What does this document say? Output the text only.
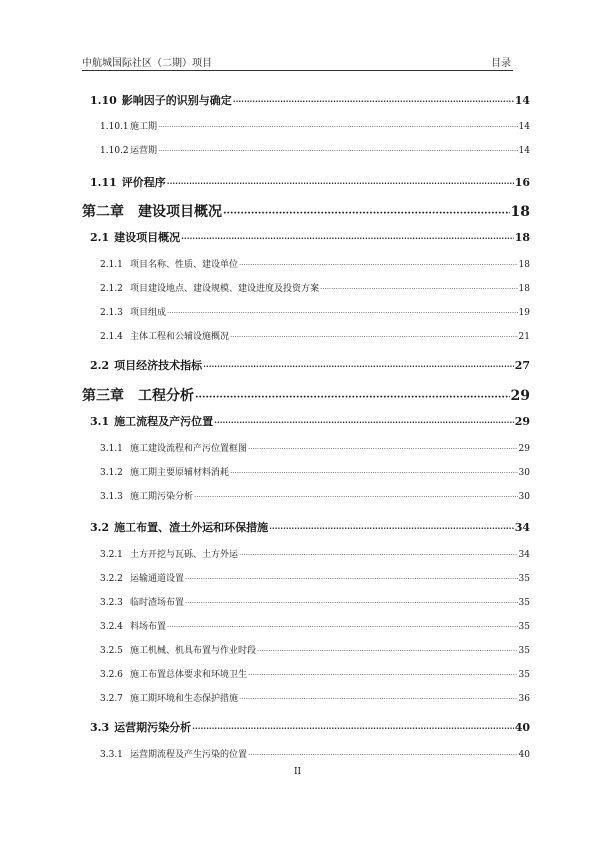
中航城国际社区（二期）项目	目录
1.10 影响因子的识别与确定 ·····	14
1.10.1 施工期 ·····	14
1.10.2 运营期 ·····	14
1.11 评价程序 ·····	16
第二章 建设项目概况 ·····	18
2.1 建设项目概况 ·····	18
2.1.1 项目名称、性质、建设单位 ·····	18
2.1.2 项目建设地点、建设规模、建设进度及投资方案 ·····	18
2.1.3 项目组成 ·····	19
2.1.4 主体工程和公辅设施概况 ·····	21
2.2 项目经济技术指标 ·····	27
第三章 工程分析 ·····	29
3.1 施工流程及产污位置 ·····	29
3.1.1 施工建设流程和产污位置框图 ·····	29
3.1.2 施工期主要原辅材料消耗 ·····	30
3.1.3 施工期污染分析 ·····	30
3.2 施工布置、渣土外运和环保措施 ·····	34
3.2.1 土方开挖与瓦砾、土方外运 ·····	34
3.2.2 运输通道设置 ·····	35
3.2.3 临时渣场布置 ·····	35
3.2.4 料场布置 ·····	35
3.2.5 施工机械、机具布置与作业时段 ·····	35
3.2.6 施工布置总体要求和环境卫生 ·····	35
3.2.7 施工期环境和生态保护措施 ·····	36
3.3 运营期污染分析 ·····	40
3.3.1 运营期流程及产生污染的位置 ·····	40
II
